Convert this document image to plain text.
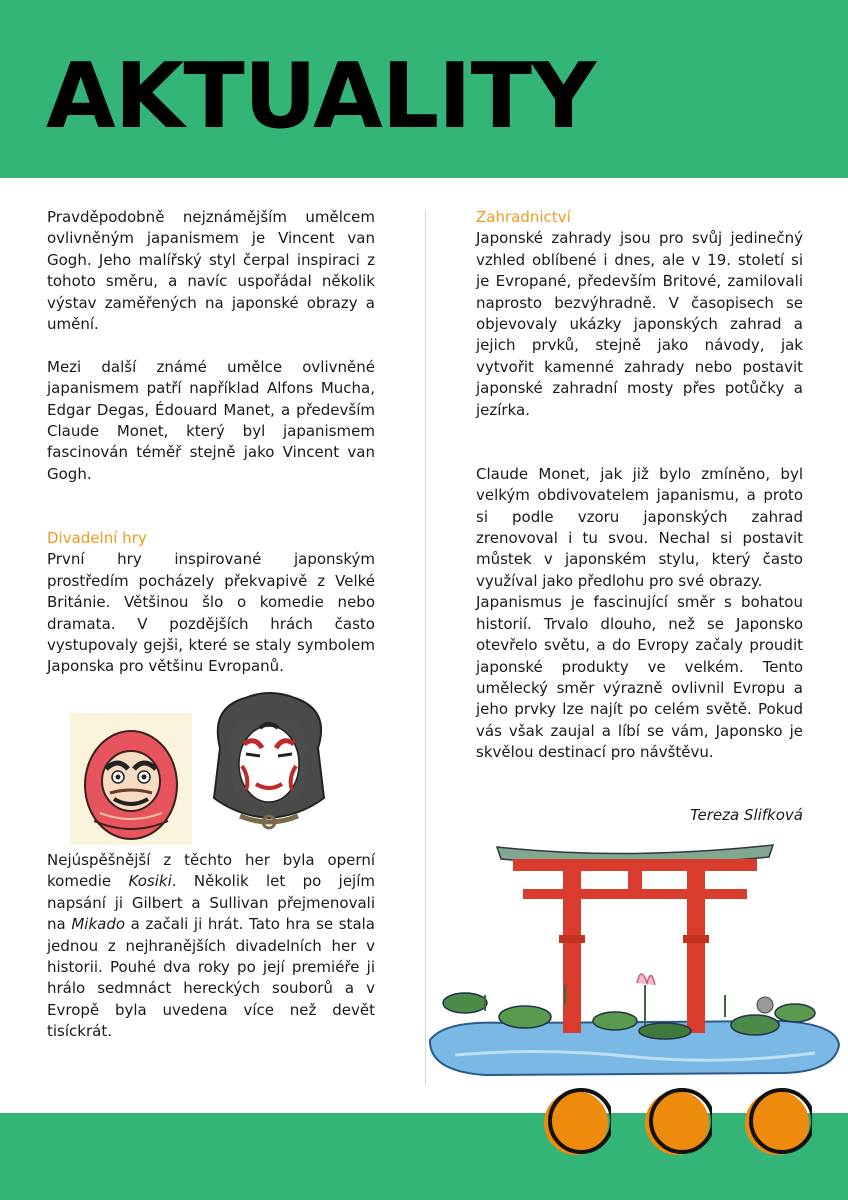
AKTUALITY

Pravděpodobně nejznámějším umělcem ovlivněným japanismem je Vincent van Gogh. Jeho malířský styl čerpal inspiraci z tohoto směru, a navíc uspořádal několik výstav zaměřených na japonské obrazy a umění.

Mezi další známé umělce ovlivněné japanismem patří například Alfons Mucha, Edgar Degas, Édouard Manet, a především Claude Monet, který byl japanismem fascinován téměř stejně jako Vincent van Gogh.

Divadelní hry

První hry inspirované japonským prostředím pocházely překvapivě z Velké Británie. Většinou šlo o komedie nebo dramata. V pozdějších hrách často vystupovaly gejši, které se staly symbolem Japonska pro většinu Evropanů.

Nejúspěšnější z těchto her byla operní komedie Kosiki. Několik let po jejím napsání ji Gilbert a Sullivan přejmenovali na Mikado a začali ji hrát. Tato hra se stala jednou z nejhranějších divadelních her v historii. Pouhé dva roky po její premiéře ji hrálo sedmnáct hereckých souborů a v Evropě byla uvedena více než devět tisíckrát.

Zahradnictví

Japonské zahrady jsou pro svůj jedinečný vzhled oblíbené i dnes, ale v 19. století si je Evropané, především Britové, zamilovali naprosto bezvýhradně. V časopisech se objevovaly ukázky japonských zahrad a jejich prvků, stejně jako návody, jak vytvořit kamenné zahrady nebo postavit japonské zahradní mosty přes potůčky a jezírka.

Claude Monet, jak již bylo zmíněno, byl velkým obdivovatelem japanismu, a proto si podle vzoru japonských zahrad zrenovoval i tu svou. Nechal si postavit můstek v japonském stylu, který často využíval jako předlohu pro své obrazy.

Japanismus je fascinující směr s bohatou historií. Trvalo dlouho, než se Japonsko otevřelo světu, a do Evropy začaly proudit japonské produkty ve velkém. Tento umělecký směr výrazně ovlivnil Evropu a jeho prvky lze najít po celém světě. Pokud vás však zaujal a líbí se vám, Japonsko je skvělou destinací pro návštěvu.

Tereza Slifková
